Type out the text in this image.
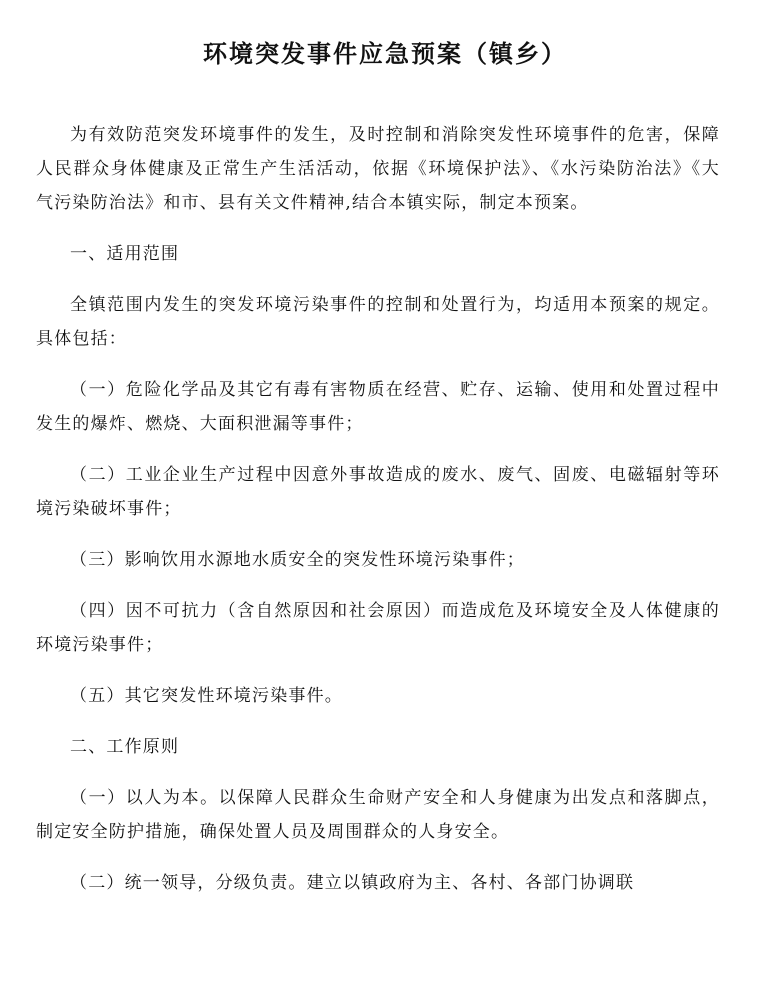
环境突发事件应急预案（镇乡）

为有效防范突发环境事件的发生，及时控制和消除突发性环境事件的危害，保障人民群众身体健康及正常生产生活活动，依据《环境保护法》、《水污染防治法》《大气污染防治法》和市、县有关文件精神,结合本镇实际，制定本预案。

一、适用范围

全镇范围内发生的突发环境污染事件的控制和处置行为，均适用本预案的规定。具体包括：

（一）危险化学品及其它有毒有害物质在经营、贮存、运输、使用和处置过程中发生的爆炸、燃烧、大面积泄漏等事件；

（二）工业企业生产过程中因意外事故造成的废水、废气、固废、电磁辐射等环境污染破坏事件；

（三）影响饮用水源地水质安全的突发性环境污染事件；

（四）因不可抗力（含自然原因和社会原因）而造成危及环境安全及人体健康的环境污染事件；

（五）其它突发性环境污染事件。

二、工作原则

（一）以人为本。以保障人民群众生命财产安全和人身健康为出发点和落脚点，制定安全防护措施，确保处置人员及周围群众的人身安全。

（二）统一领导，分级负责。建立以镇政府为主、各村、各部门协调联
